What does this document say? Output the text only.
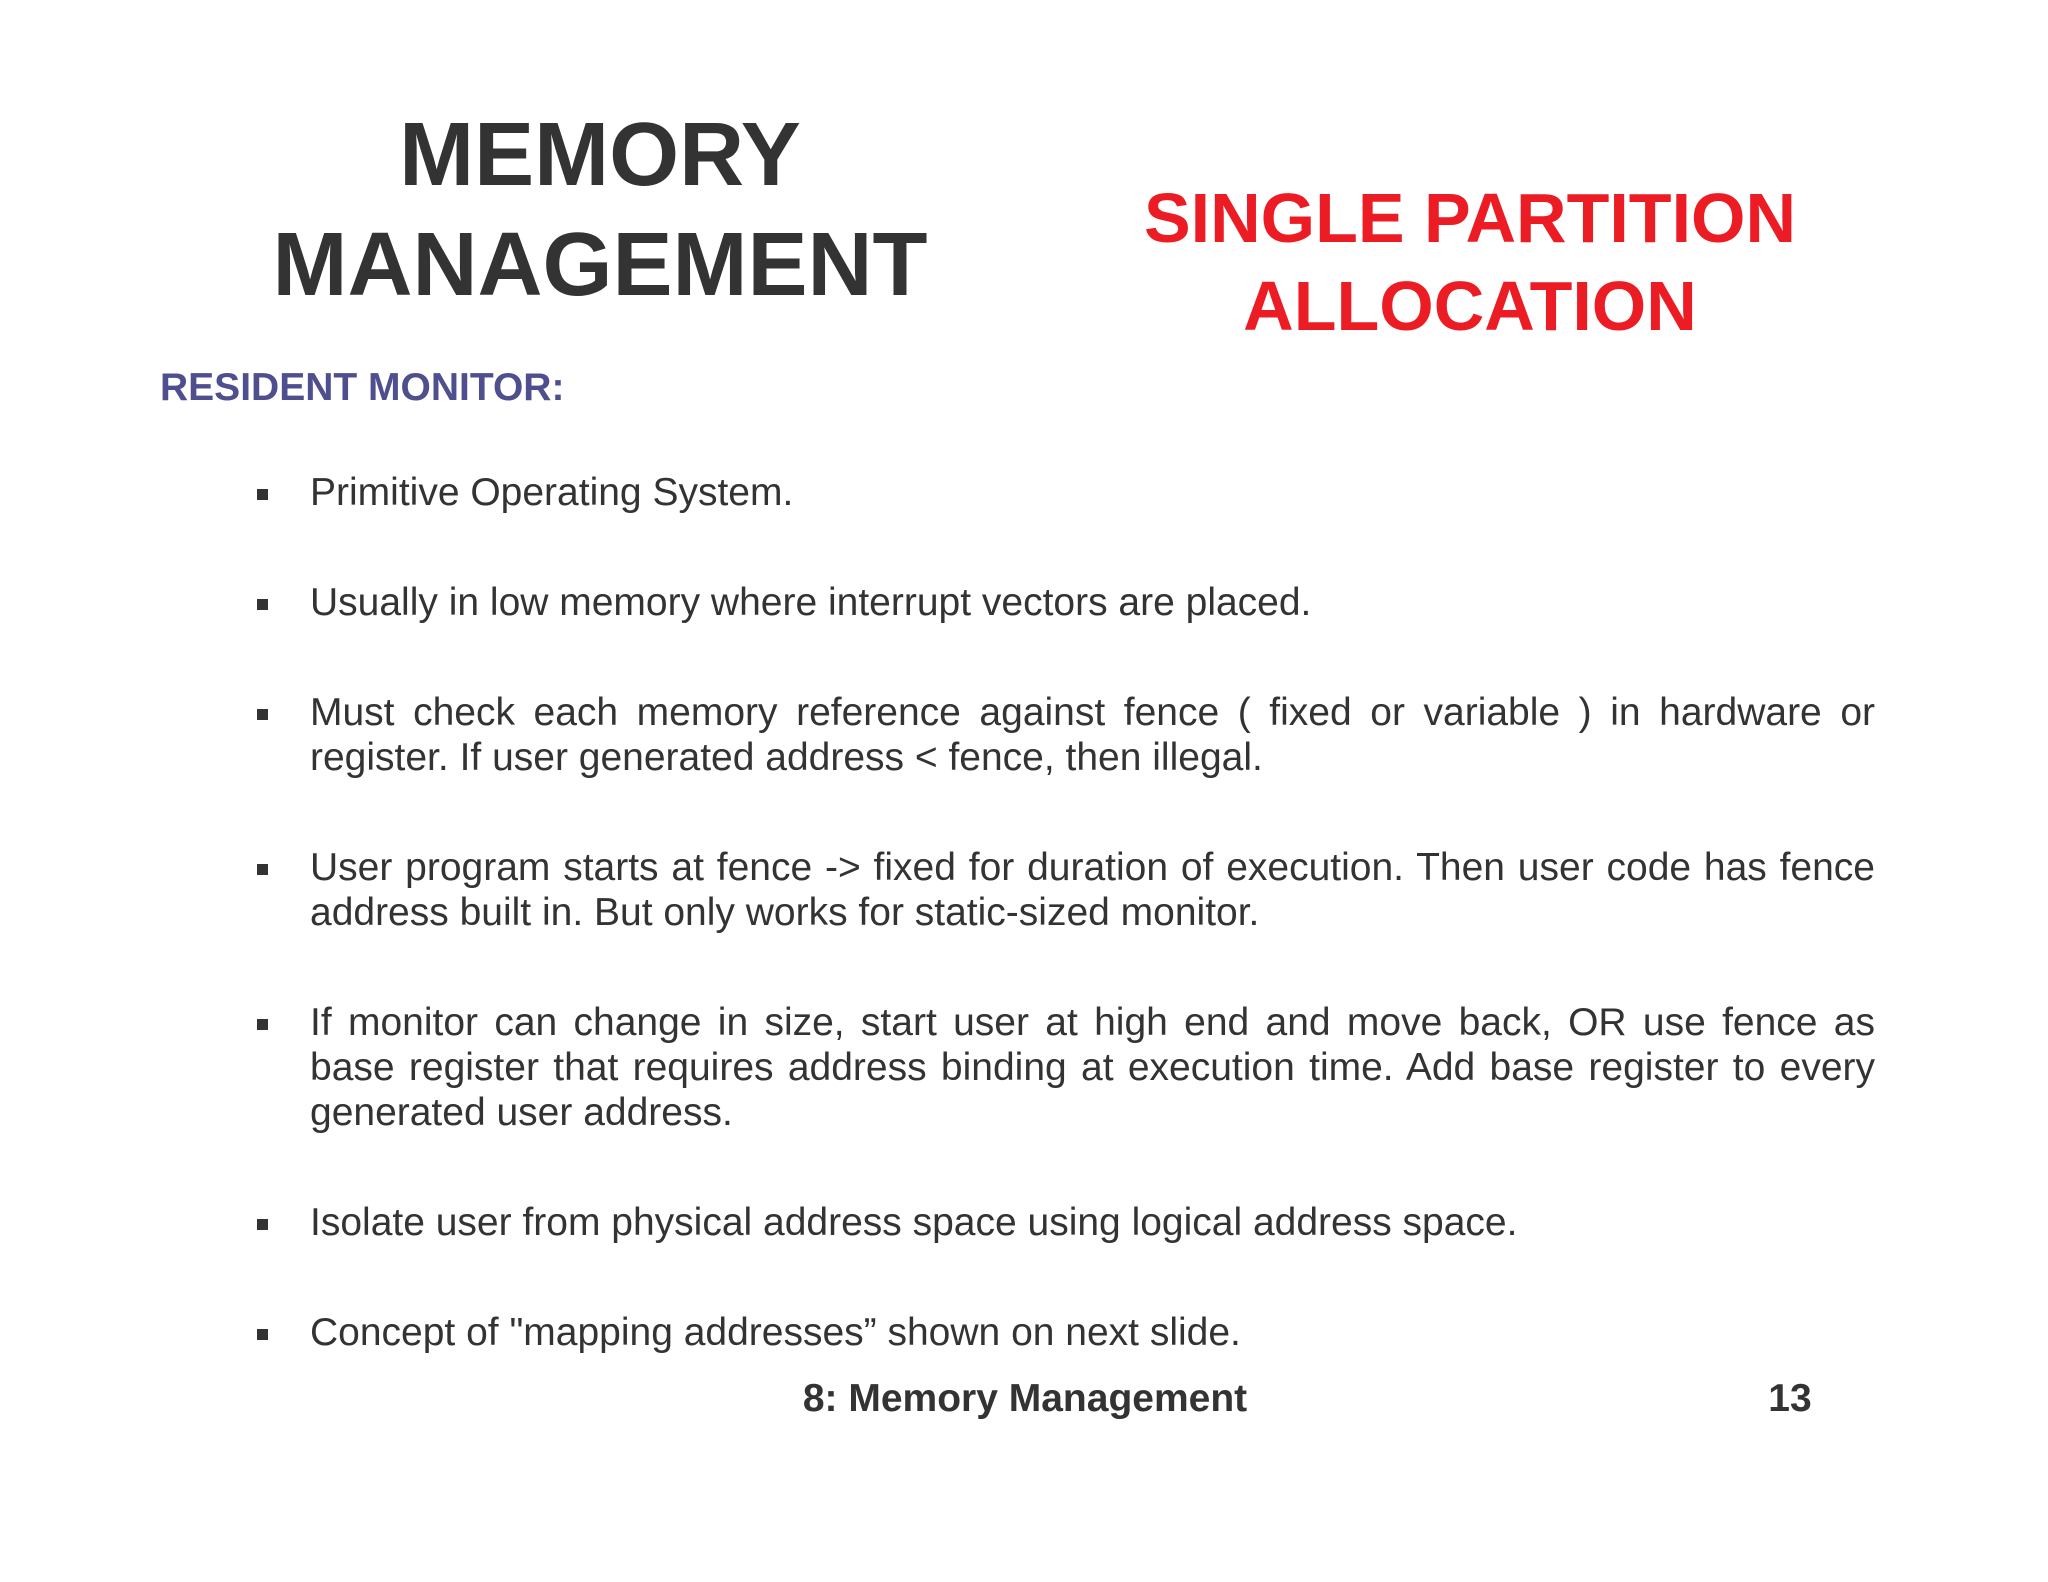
MEMORY
MANAGEMENT	SINGLE PARTITION
ALLOCATION
RESIDENT MONITOR:
Primitive Operating System.
Usually in low memory where interrupt vectors are placed.
Must check each memory reference against fence ( fixed or variable ) in hardware or register. If user generated address < fence, then illegal.
User program starts at fence -> fixed for duration of execution. Then user code has fence address built in. But only works for static-sized monitor.
If monitor can change in size, start user at high end and move back, OR use fence as base register that requires address binding at execution time. Add base register to every generated user address.
Isolate user from physical address space using logical address space.
Concept of "mapping addresses” shown on next slide.
8: Memory Management	13
